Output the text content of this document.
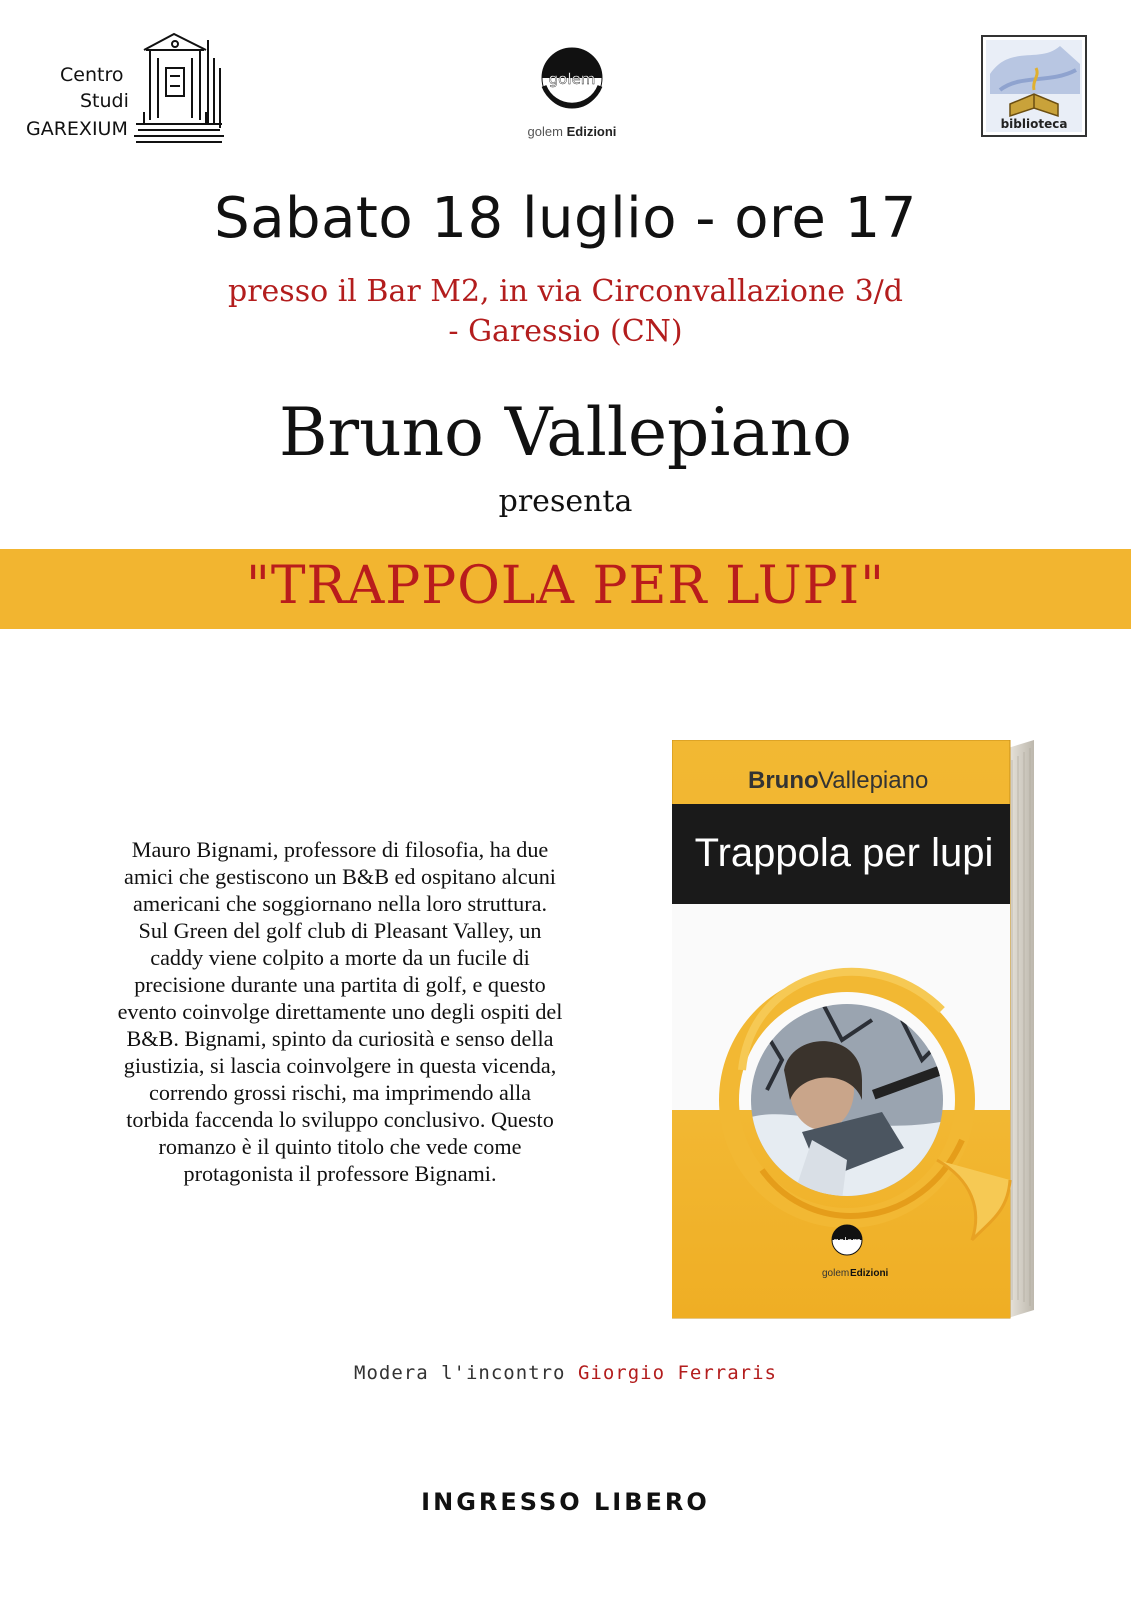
Centro
Studi
GAREXIUM
golem
golem Edizioni	biblioteca
Sabato 18 luglio - ore 17
presso il Bar M2, in via Circonvallazione 3/d
- Garessio (CN)
Bruno Vallepiano
presenta
"TRAPPOLA PER LUPI"
Mauro Bignami, professore di filosofia, ha due
amici che gestiscono un B&B ed ospitano alcuni
americani che soggiornano nella loro struttura.
Sul Green del golf club di Pleasant Valley, un
caddy viene colpito a morte da un fucile di
precisione durante una partita di golf, e questo
evento coinvolge direttamente uno degli ospiti del
B&B. Bignami, spinto da curiosità e senso della
giustizia, si lascia coinvolgere in questa vicenda,
correndo grossi rischi, ma imprimendo alla
torbida faccenda lo sviluppo conclusivo. Questo
romanzo è il quinto titolo che vede come
protagonista il professore Bignami.
Bruno Vallepiano
Trappola per lupi
golem
golem Edizioni
Modera l'incontro Giorgio Ferraris
INGRESSO LIBERO
